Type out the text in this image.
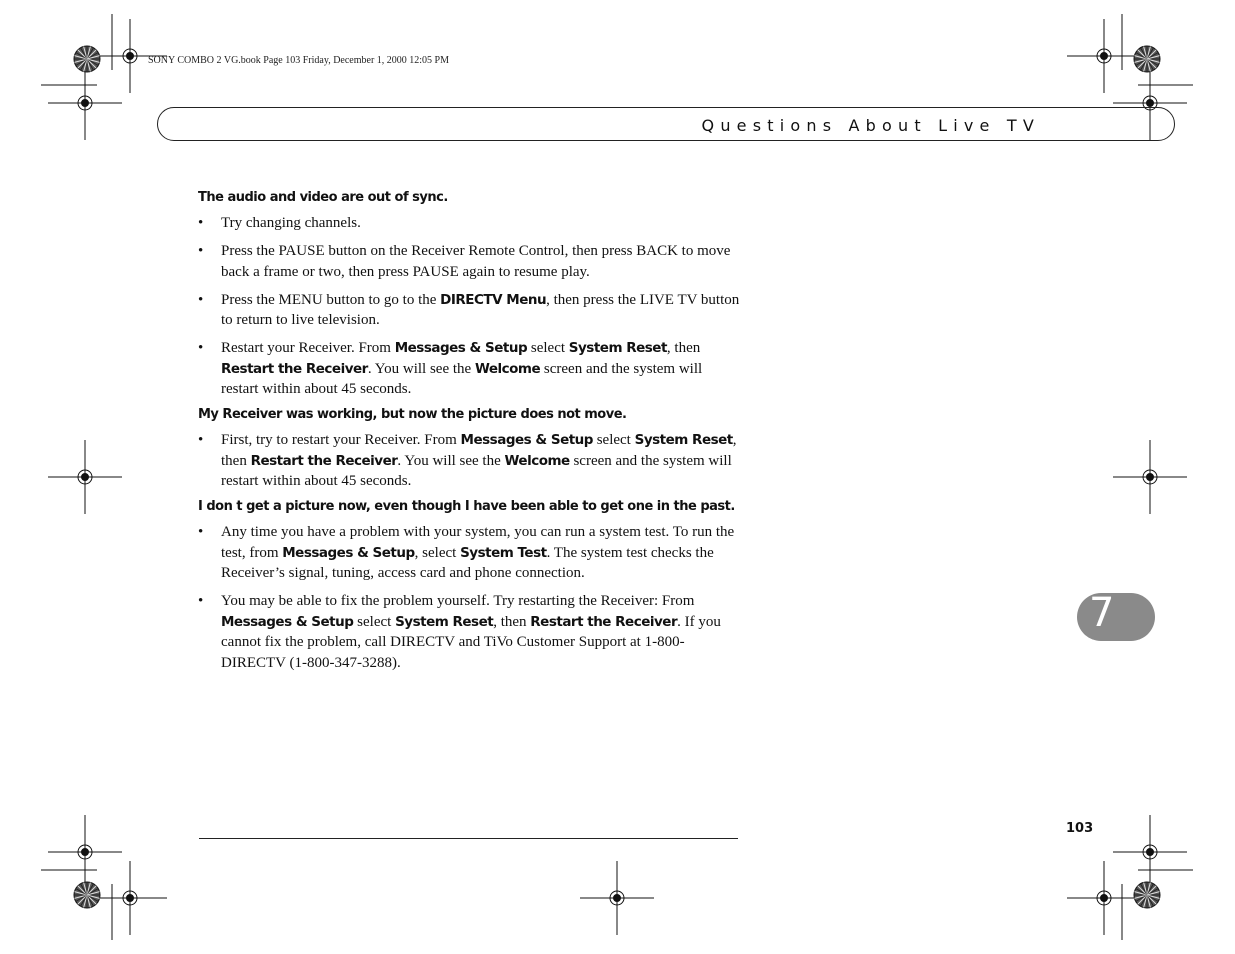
SONY COMBO 2 VG.book Page 103 Friday, December 1, 2000 12:05 PM
Questions About Live TV
The audio and video are out of sync.
• Try changing channels.
• Press the PAUSE button on the Receiver Remote Control, then press BACK to move back a frame or two, then press PAUSE again to resume play.
• Press the MENU button to go to the DIRECTV Menu, then press the LIVE TV button to return to live television.
• Restart your Receiver. From Messages & Setup select System Reset, then Restart the Receiver. You will see the Welcome screen and the system will restart within about 45 seconds.
My Receiver was working, but now the picture does not move.
• First, try to restart your Receiver. From Messages & Setup select System Reset, then Restart the Receiver. You will see the Welcome screen and the system will restart within about 45 seconds.
I don t get a picture now, even though I have been able to get one in the past.
• Any time you have a problem with your system, you can run a system test. To run the test, from Messages & Setup, select System Test. The system test checks the Receiver’s signal, tuning, access card and phone connection.
• You may be able to fix the problem yourself. Try restarting the Receiver: From Messages & Setup select System Reset, then Restart the Receiver. If you cannot fix the problem, call DIRECTV and TiVo Customer Support at 1-800-DIRECTV (1-800-347-3288).
7
103
